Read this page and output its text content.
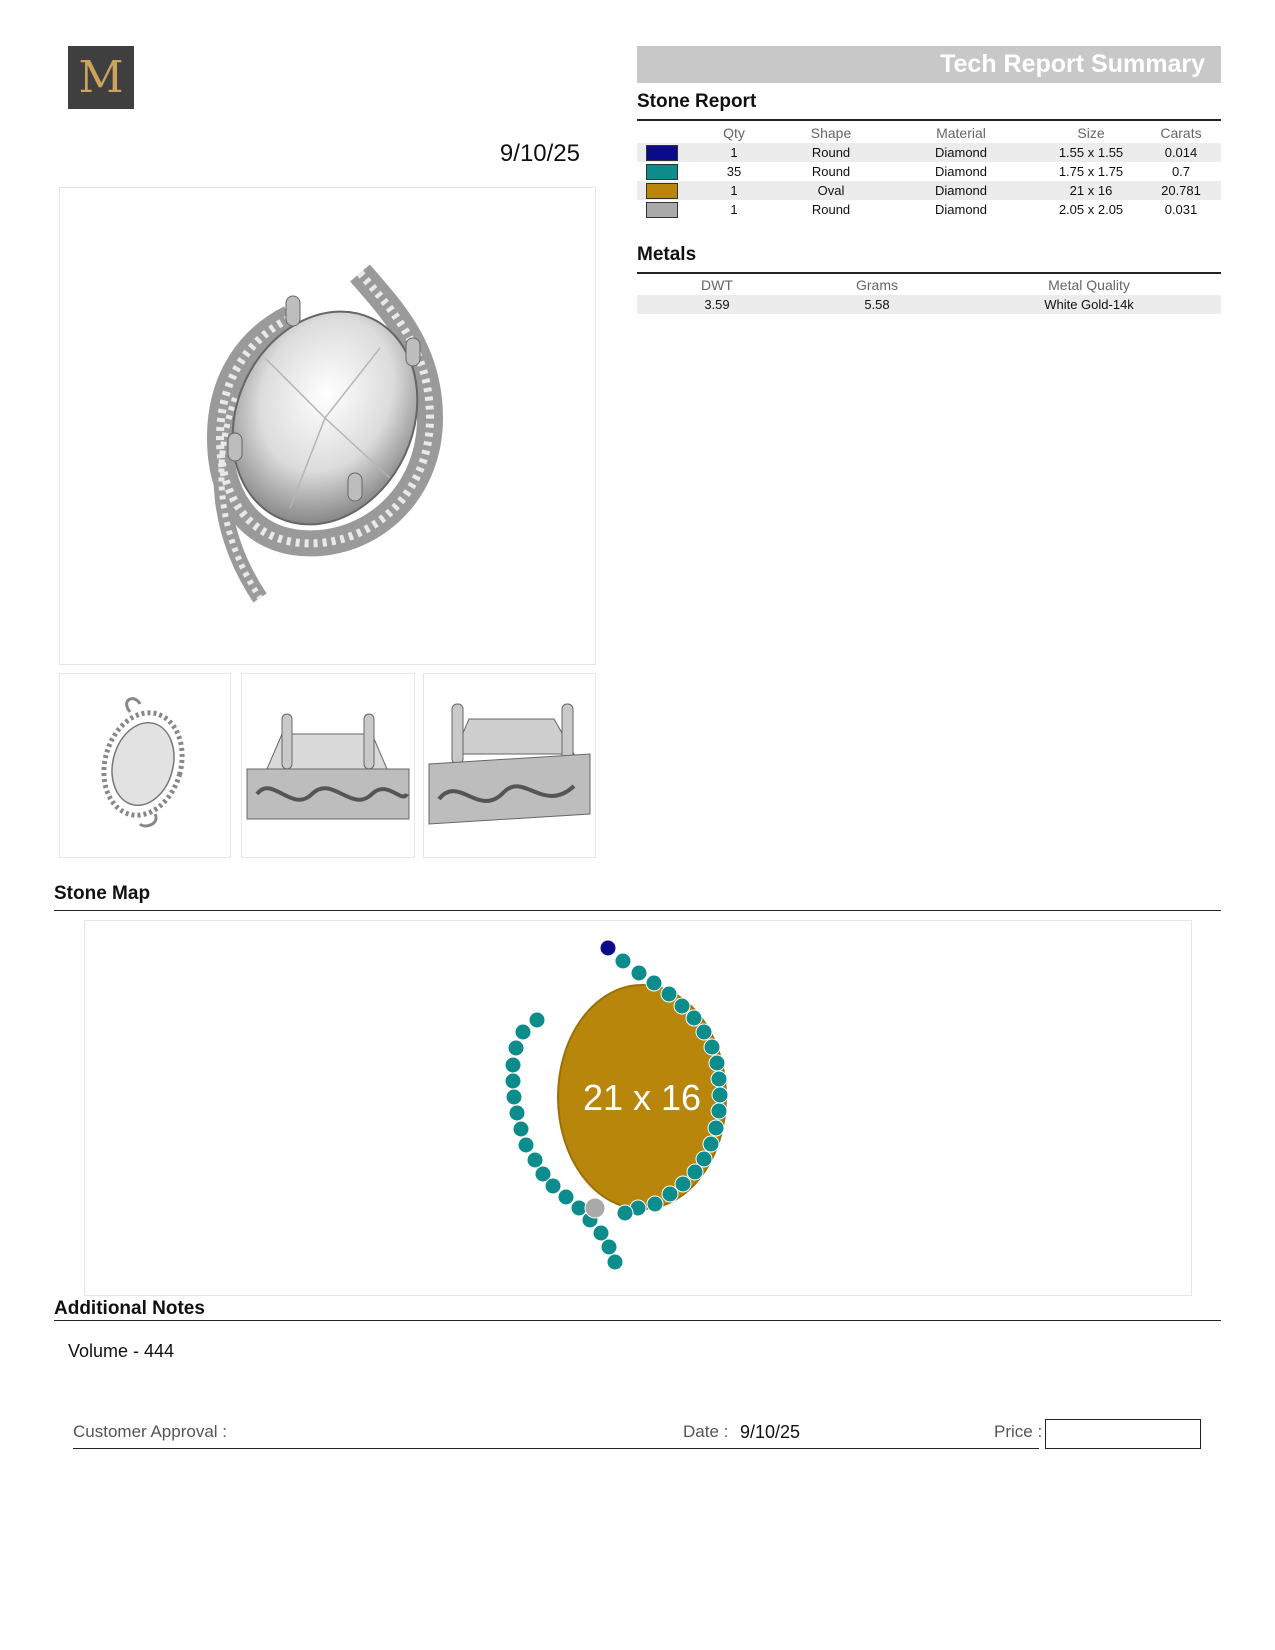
M
9/10/25
Tech Report Summary
Stone Report
	Qty	Shape	Material	Size	Carats

	1	Round	Diamond	1.55 x 1.55	0.014

	35	Round	Diamond	1.75 x 1.75	0.7

	1	Oval	Diamond	21 x 16	20.781

	1	Round	Diamond	2.05 x 2.05	0.031
Metals
DWT	Grams	Metal Quality
3.59	5.58	White Gold-14k
Stone Map
21 x 16
Additional Notes
Volume - 444
Customer Approval :	Date : 9/10/25	Price :
